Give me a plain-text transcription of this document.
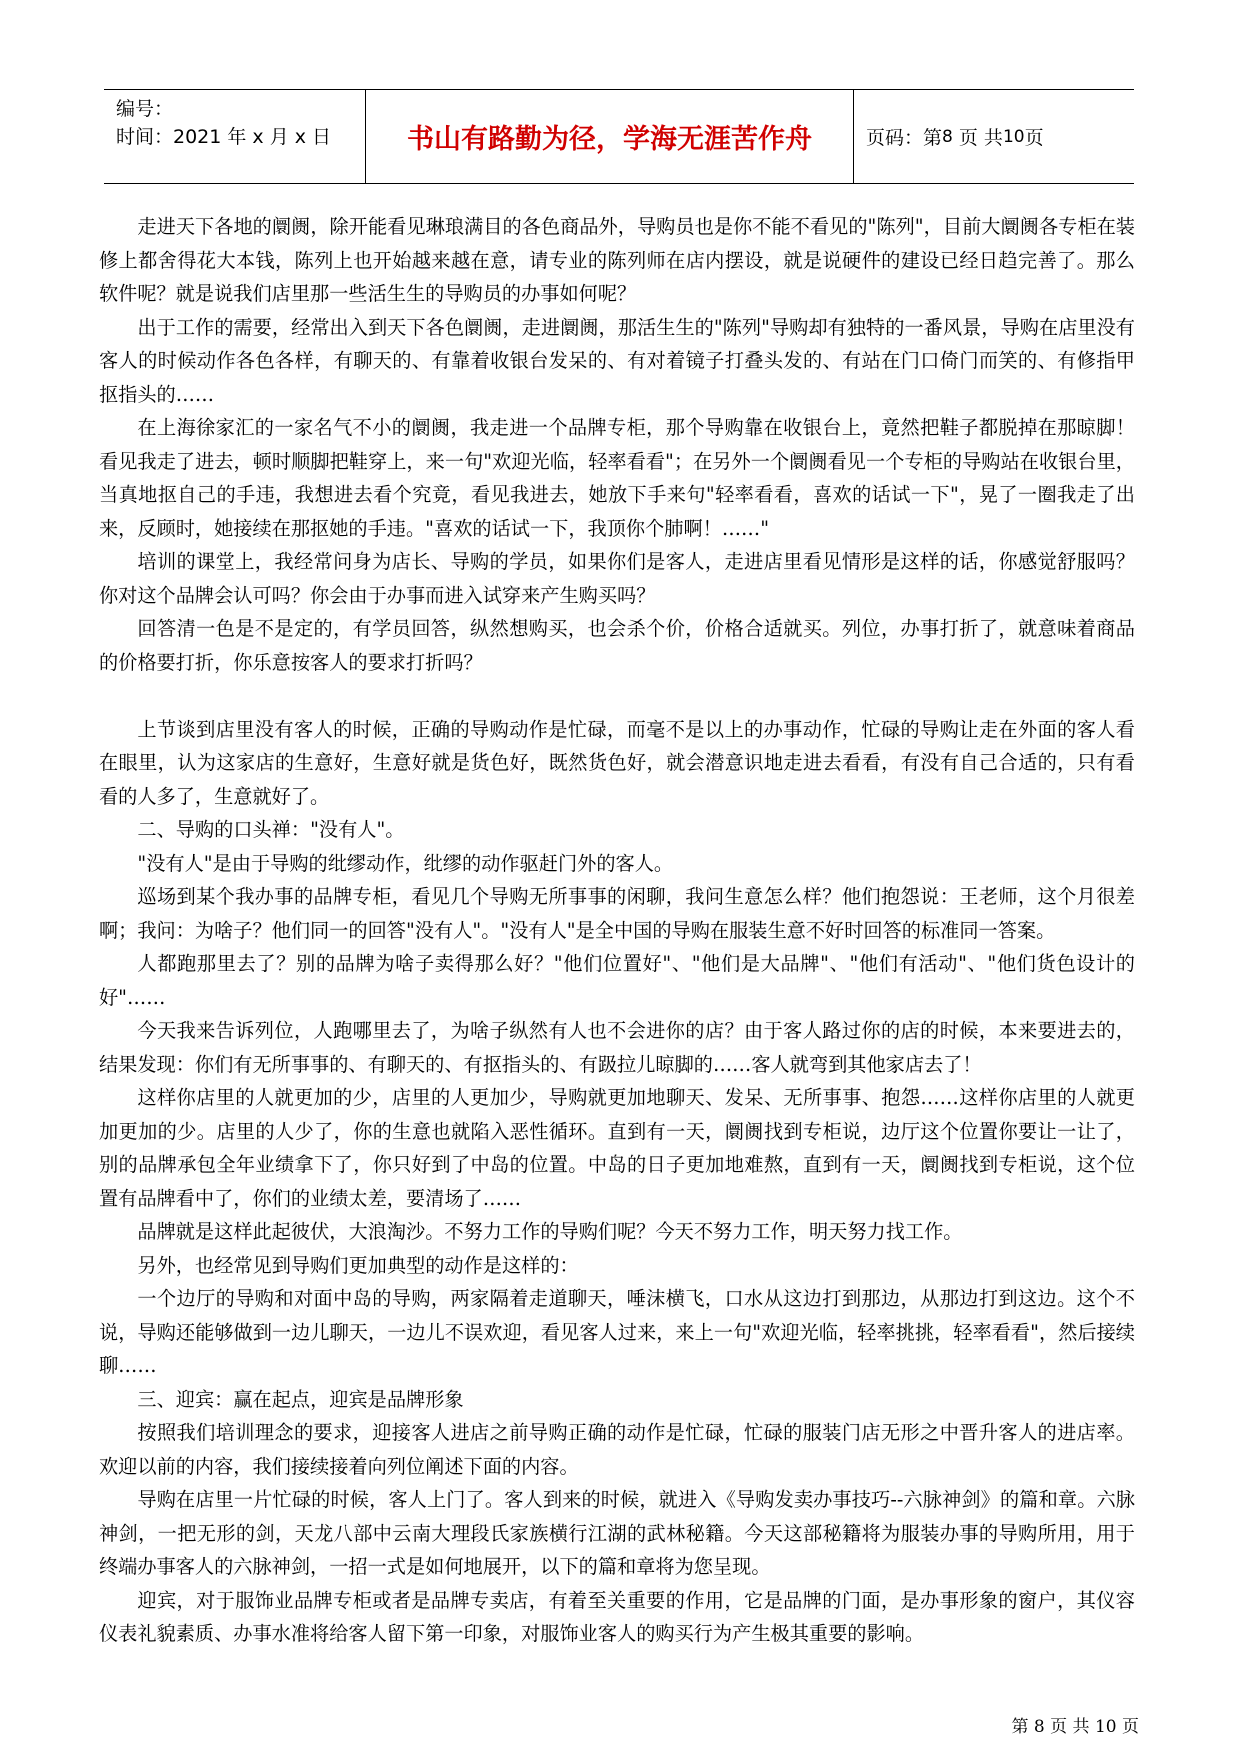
编号：
时间：2021 年 x 月 x 日	书山有路勤为径，学海无涯苦作舟	页码：第 8
页 共 10 页

走进天下各地的阛阓，除开能看见琳琅满目的各色商品外，导购员也是你不能不看见的"陈列"，目前大阛阓各专柜在装修上都舍得花大本钱，陈列上也开始越来越在意，请专业的陈列师在店内摆设，就是说硬件的建设已经日趋完善了。那么软件呢？就是说我们店里那一些活生生的导购员的办事如何呢？

出于工作的需要，经常出入到天下各色阛阓，走进阛阓，那活生生的"陈列"导购却有独特的一番风景，导购在店里没有客人的时候动作各色各样，有聊天的、有靠着收银台发呆的、有对着镜子打叠头发的、有站在门口倚门而笑的、有修指甲抠指头的……

在上海徐家汇的一家名气不小的阛阓，我走进一个品牌专柜，那个导购靠在收银台上，竟然把鞋子都脱掉在那晾脚！看见我走了进去，顿时顺脚把鞋穿上，来一句"欢迎光临，轻率看看"；在另外一个阛阓看见一个专柜的导购站在收银台里，当真地抠自己的手违，我想进去看个究竟，看见我进去，她放下手来句"轻率看看，喜欢的话试一下"，晃了一圈我走了出来，反顾时，她接续在那抠她的手违。"喜欢的话试一下，我顶你个肺啊！……"

培训的课堂上，我经常问身为店长、导购的学员，如果你们是客人，走进店里看见情形是这样的话，你感觉舒服吗？你对这个品牌会认可吗？你会由于办事而进入试穿来产生购买吗？

回答清一色是不是定的，有学员回答，纵然想购买，也会杀个价，价格合适就买。列位，办事打折了，就意味着商品的价格要打折，你乐意按客人的要求打折吗？

上节谈到店里没有客人的时候，正确的导购动作是忙碌，而毫不是以上的办事动作，忙碌的导购让走在外面的客人看在眼里，认为这家店的生意好，生意好就是货色好，既然货色好，就会潜意识地走进去看看，有没有自己合适的，只有看看的人多了，生意就好了。

二、导购的口头禅："没有人"。

"没有人"是由于导购的纰缪动作，纰缪的动作驱赶门外的客人。

巡场到某个我办事的品牌专柜，看见几个导购无所事事的闲聊，我问生意怎么样？他们抱怨说：王老师，这个月很差啊；我问：为啥子？他们同一的回答"没有人"。"没有人"是全中国的导购在服装生意不好时回答的标准同一答案。

人都跑那里去了？别的品牌为啥子卖得那么好？"他们位置好"、"他们是大品牌"、"他们有活动"、"他们货色设计的好"……

今天我来告诉列位，人跑哪里去了，为啥子纵然有人也不会进你的店？由于客人路过你的店的时候，本来要进去的，结果发现：你们有无所事事的、有聊天的、有抠指头的、有趿拉儿晾脚的……客人就弯到其他家店去了！

这样你店里的人就更加的少，店里的人更加少，导购就更加地聊天、发呆、无所事事、抱怨……这样你店里的人就更加更加的少。店里的人少了，你的生意也就陷入恶性循环。直到有一天，阛阓找到专柜说，边厅这个位置你要让一让了，别的品牌承包全年业绩拿下了，你只好到了中岛的位置。中岛的日子更加地难熬，直到有一天，阛阓找到专柜说，这个位置有品牌看中了，你们的业绩太差，要清场了……

品牌就是这样此起彼伏，大浪淘沙。不努力工作的导购们呢？今天不努力工作，明天努力找工作。

另外，也经常见到导购们更加典型的动作是这样的：

一个边厅的导购和对面中岛的导购，两家隔着走道聊天，唾沫横飞，口水从这边打到那边，从那边打到这边。这个不说，导购还能够做到一边儿聊天，一边儿不误欢迎，看见客人过来，来上一句"欢迎光临，轻率挑挑，轻率看看"，然后接续聊……

三、迎宾：赢在起点，迎宾是品牌形象

按照我们培训理念的要求，迎接客人进店之前导购正确的动作是忙碌，忙碌的服装门店无形之中晋升客人的进店率。欢迎以前的内容，我们接续接着向列位阐述下面的内容。

导购在店里一片忙碌的时候，客人上门了。客人到来的时候，就进入《导购发卖办事技巧--六脉神剑》的篇和章。六脉神剑，一把无形的剑，天龙八部中云南大理段氏家族横行江湖的武林秘籍。今天这部秘籍将为服装办事的导购所用，用于终端办事客人的六脉神剑，一招一式是如何地展开，以下的篇和章将为您呈现。

迎宾，对于服饰业品牌专柜或者是品牌专卖店，有着至关重要的作用，它是品牌的门面，是办事形象的窗户，其仪容仪表礼貌素质、办事水准将给客人留下第一印象，对服饰业客人的购买行为产生极其重要的影响。

第 8 页 共 10 页
